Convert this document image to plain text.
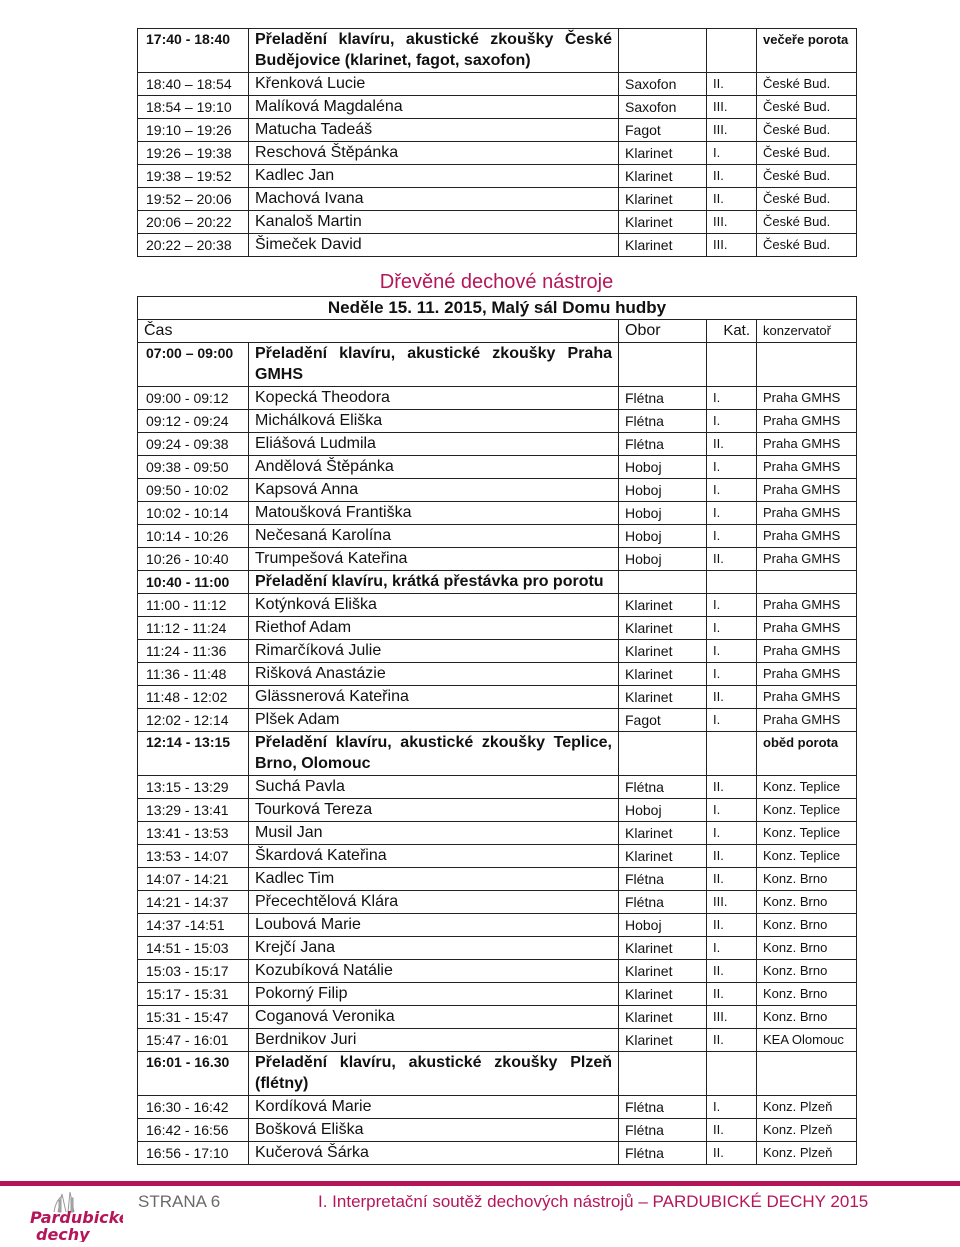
17:40 - 18:40	Přeladění klavíru, akustické zkoušky České Budějovice (klarinet, fagot, saxofon)			večeře porota
18:40 – 18:54	Křenková Lucie	Saxofon	II.	České Bud.
18:54 – 19:10	Malíková Magdaléna	Saxofon	III.	České Bud.
19:10 – 19:26	Matucha Tadeáš	Fagot	III.	České Bud.
19:26 – 19:38	Reschová Štěpánka	Klarinet	I.	České Bud.
19:38 – 19:52	Kadlec Jan	Klarinet	II.	České Bud.
19:52 – 20:06	Machová Ivana	Klarinet	II.	České Bud.
20:06 – 20:22	Kanaloš Martin	Klarinet	III.	České Bud.
20:22 – 20:38	Šimeček David	Klarinet	III.	České Bud.
Dřevěné dechové nástroje
Neděle 15. 11. 2015, Malý sál Domu hudby				
Čas		Obor	Kat.	konzervatoř
07:00 – 09:00	Přeladění klavíru, akustické zkoušky Praha GMHS			
09:00 - 09:12	Kopecká Theodora	Flétna	I.	Praha GMHS
09:12 - 09:24	Michálková Eliška	Flétna	I.	Praha GMHS
09:24 - 09:38	Eliášová Ludmila	Flétna	II.	Praha GMHS
09:38 - 09:50	Andělová Štěpánka	Hoboj	I.	Praha GMHS
09:50 - 10:02	Kapsová Anna	Hoboj	I.	Praha GMHS
10:02 - 10:14	Matoušková Františka	Hoboj	I.	Praha GMHS
10:14 - 10:26	Nečesaná Karolína	Hoboj	I.	Praha GMHS
10:26 - 10:40	Trumpešová Kateřina	Hoboj	II.	Praha GMHS
10:40 - 11:00	Přeladění klavíru, krátká přestávka pro porotu			
11:00 - 11:12	Kotýnková Eliška	Klarinet	I.	Praha GMHS
11:12 - 11:24	Riethof Adam	Klarinet	I.	Praha GMHS
11:24 - 11:36	Rimarčíková Julie	Klarinet	I.	Praha GMHS
11:36 - 11:48	Rišková Anastázie	Klarinet	I.	Praha GMHS
11:48 - 12:02	Glässnerová Kateřina	Klarinet	II.	Praha GMHS
12:02 - 12:14	Plšek Adam	Fagot	I.	Praha GMHS
12:14 - 13:15	Přeladění klavíru, akustické zkoušky Teplice, Brno, Olomouc			oběd porota
13:15 - 13:29	Suchá Pavla	Flétna	II.	Konz. Teplice
13:29 - 13:41	Tourková Tereza	Hoboj	I.	Konz. Teplice
13:41 - 13:53	Musil Jan	Klarinet	I.	Konz. Teplice
13:53 - 14:07	Škardová Kateřina	Klarinet	II.	Konz. Teplice
14:07 - 14:21	Kadlec Tim	Flétna	II.	Konz. Brno
14:21 - 14:37	Přecechtělová Klára	Flétna	III.	Konz. Brno
14:37 -14:51	Loubová Marie	Hoboj	II.	Konz. Brno
14:51 - 15:03	Krejčí Jana	Klarinet	I.	Konz. Brno
15:03 - 15:17	Kozubíková Natálie	Klarinet	II.	Konz. Brno
15:17 - 15:31	Pokorný Filip	Klarinet	II.	Konz. Brno
15:31 - 15:47	Coganová Veronika	Klarinet	III.	Konz. Brno
15:47 - 16:01	Berdnikov Juri	Klarinet	II.	KEA Olomouc
16:01 - 16.30	Přeladění klavíru, akustické zkoušky Plzeň (flétny)			
16:30 - 16:42	Kordíková Marie	Flétna	I.	Konz. Plzeň
16:42 - 16:56	Bošková Eliška	Flétna	II.	Konz. Plzeň
16:56 - 17:10	Kučerová Šárka	Flétna	II.	Konz. Plzeň
Pardubické
dechy
STRANA 6	I. Interpretační soutěž dechových nástrojů – PARDUBICKÉ DECHY 2015
